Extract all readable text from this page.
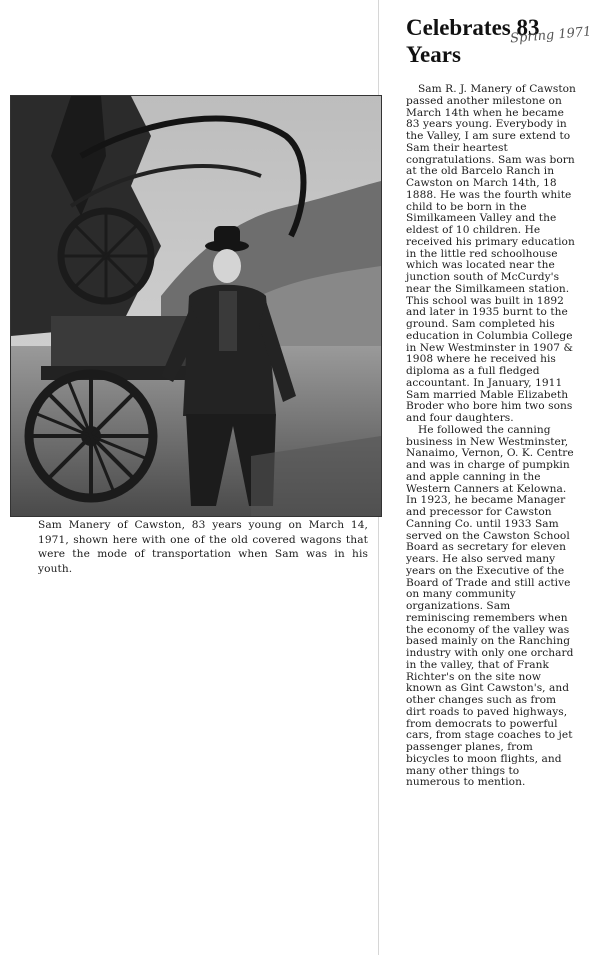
Sam Manery of Cawston, 83 years young on March 14, 1971, shown here with one of the old covered wagons that were the mode of transportation when Sam was in his youth.
Celebrates 83 Years
Spring 1971

Sam R. J. Manery of Cawston passed another milestone on March 14th when he became 83 years young. Everybody in the Valley, I am sure extend to Sam their heartest congratulations. Sam was born at the old Barcelo Ranch in Cawston on March 14th, 18 1888. He was the fourth white child to be born in the Similkameen Valley and the eldest of 10 children. He received his primary education in the little red schoolhouse which was located near the junction south of McCurdy's near the Similkameen station. This school was built in 1892 and later in 1935 burnt to the ground. Sam completed his education in Columbia College in New Westminster in 1907 & 1908 where he received his diploma as a full fledged accountant. In January, 1911 Sam married Mable Elizabeth Broder who bore him two sons and four daughters.

He followed the canning business in New Westminster, Nanaimo, Vernon, O. K. Centre and was in charge of pumpkin and apple canning in the Western Canners at Kelowna. In 1923, he became Manager and precessor for Cawston Canning Co. until 1933 Sam served on the Cawston School Board as secretary for eleven years. He also served many years on the Executive of the Board of Trade and still active on many community organizations. Sam reminiscing remembers when the economy of the valley was based mainly on the Ranching industry with only one orchard in the valley, that of Frank Richter's on the site now known as Gint Cawston's, and other changes such as from dirt roads to paved highways, from democrats to powerful cars, from stage coaches to jet passenger planes, from bicycles to moon flights, and many other things to numerous to mention.
